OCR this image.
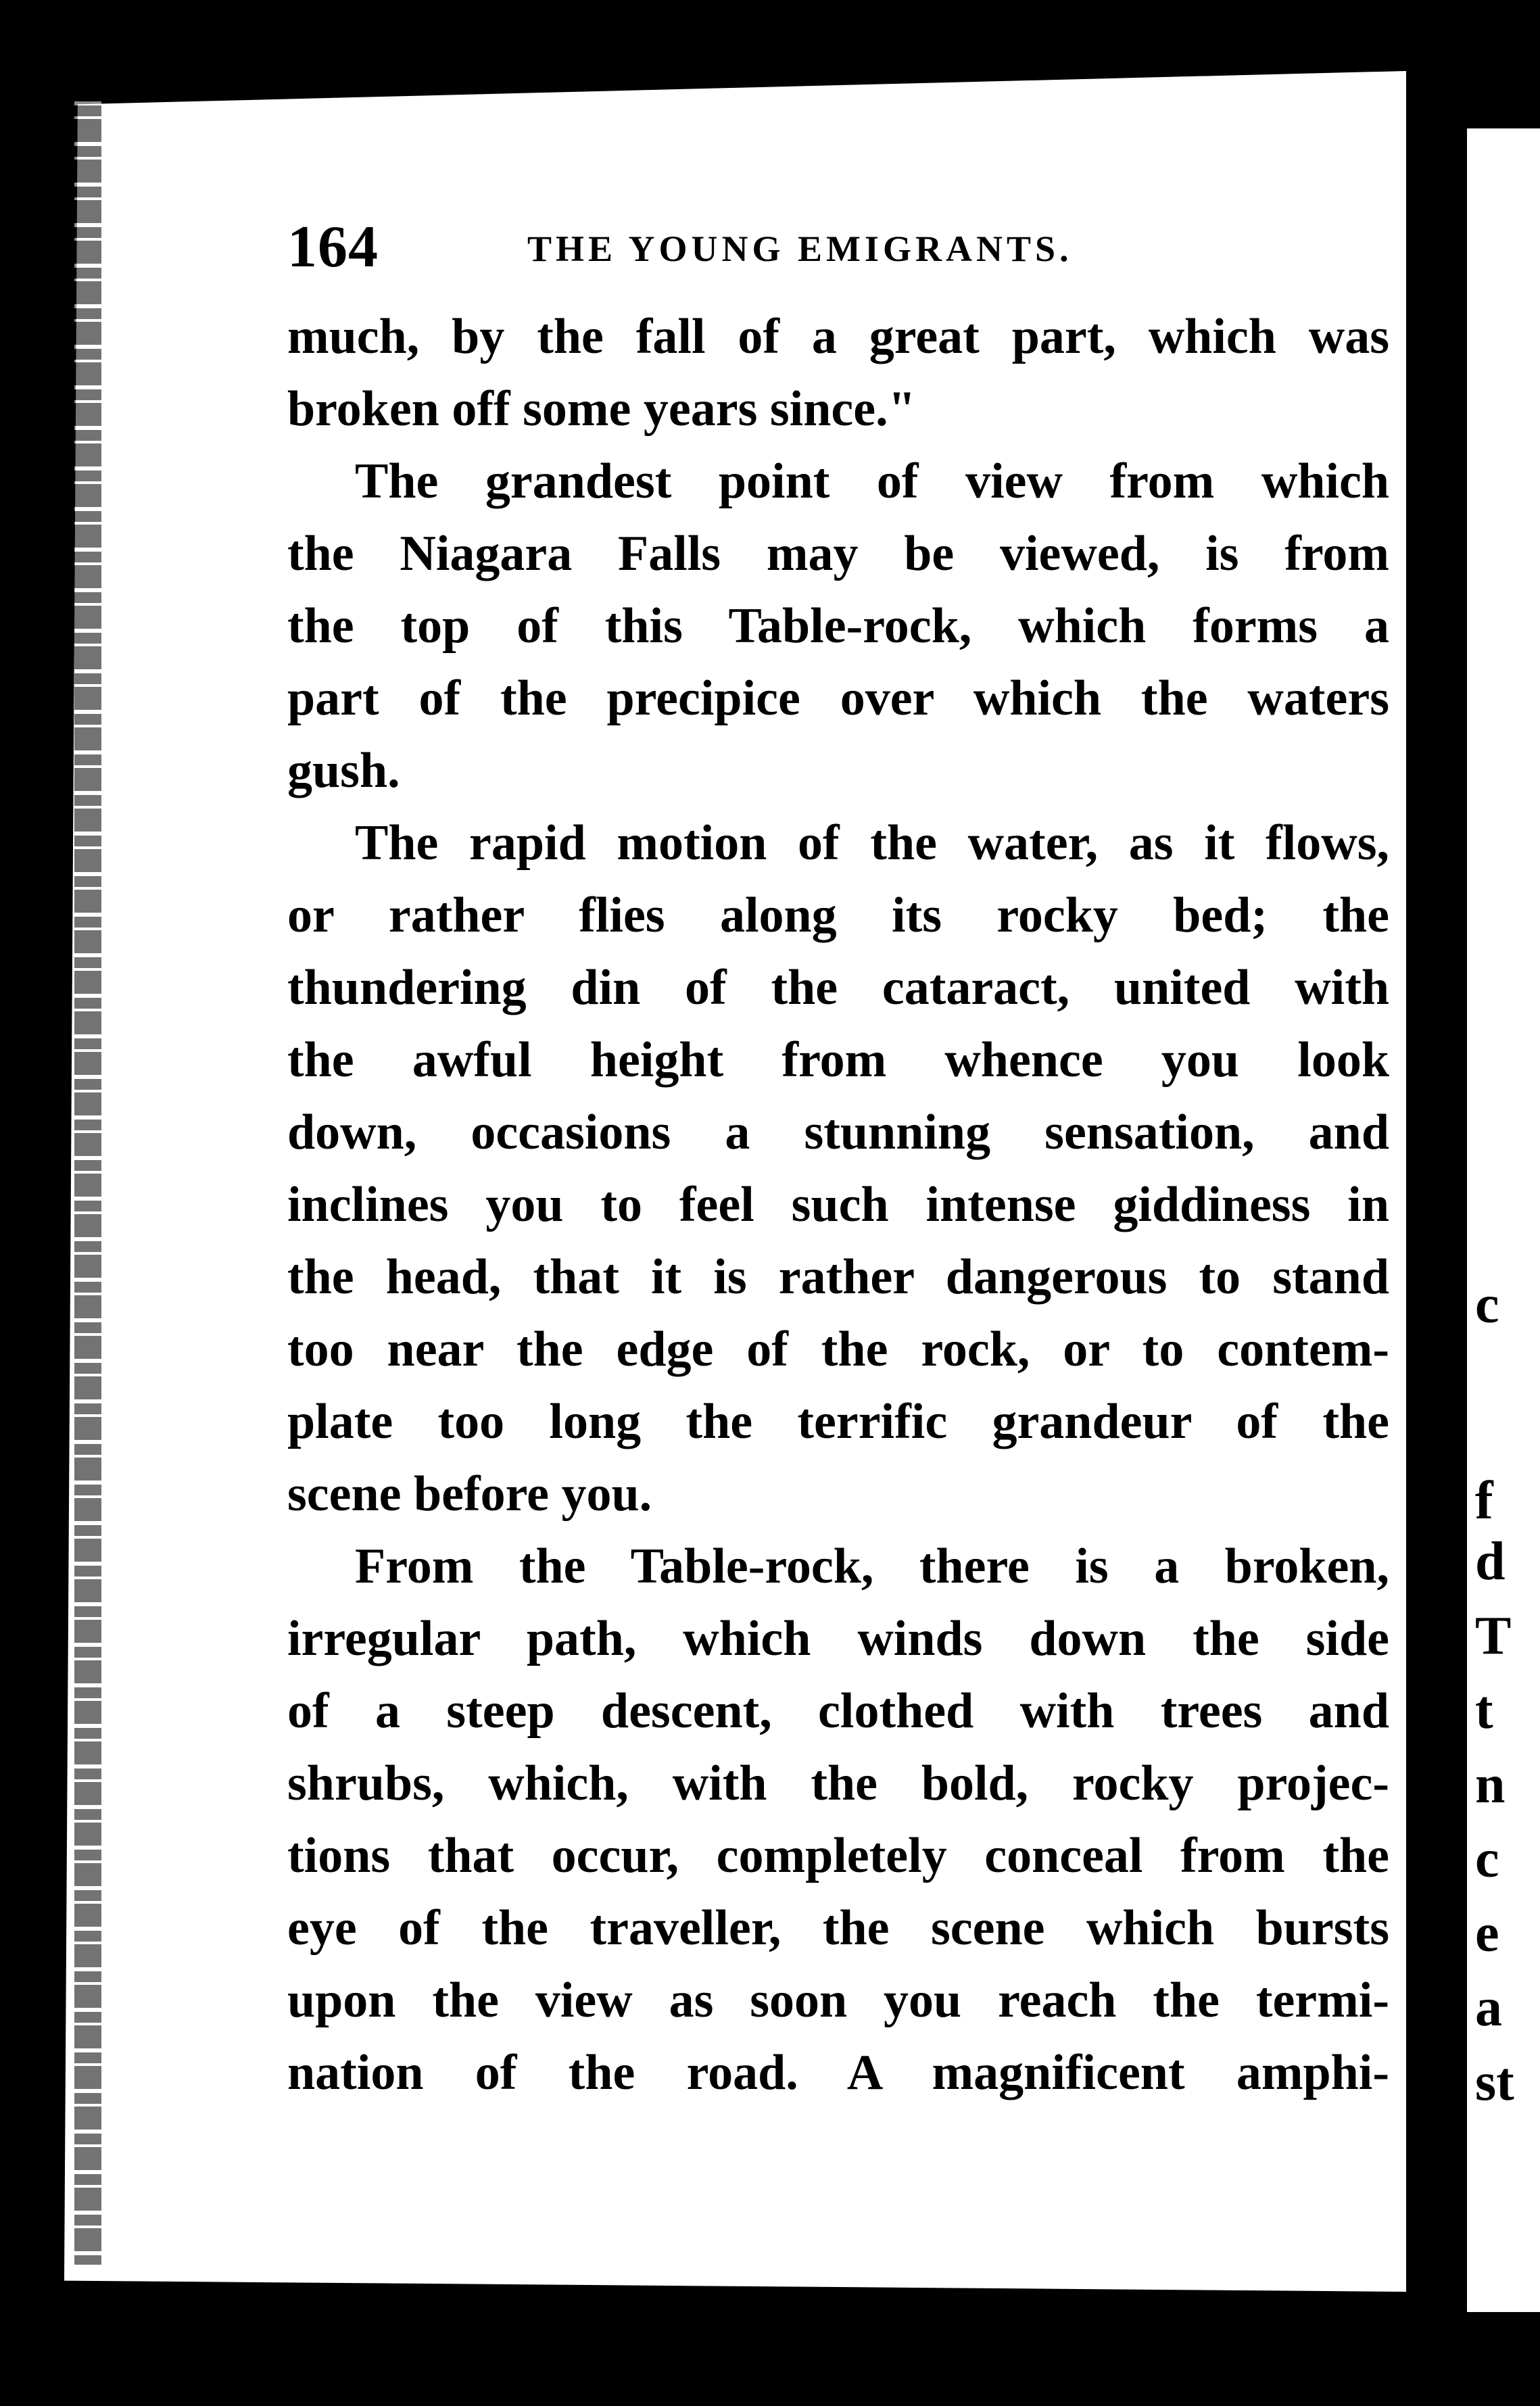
c
f
d
T
t
n
c
e
a
st
164	THE YOUNG EMIGRANTS.
much, by the fall of a great part, which was
broken off some years since."
The grandest point of view from which
the Niagara Falls may be viewed, is from
the top of this Table-rock, which forms a
part of the precipice over which the waters
gush.
The rapid motion of the water, as it flows,
or rather flies along its rocky bed; the
thundering din of the cataract, united with
the awful height from whence you look
down, occasions a stunning sensation, and
inclines you to feel such intense giddiness in
the head, that it is rather dangerous to stand
too near the edge of the rock, or to contem-
plate too long the terrific grandeur of the
scene before you.
From the Table-rock, there is a broken,
irregular path, which winds down the side
of a steep descent, clothed with trees and
shrubs, which, with the bold, rocky projec-
tions that occur, completely conceal from the
eye of the traveller, the scene which bursts
upon the view as soon you reach the termi-
nation of the road. A magnificent amphi-
